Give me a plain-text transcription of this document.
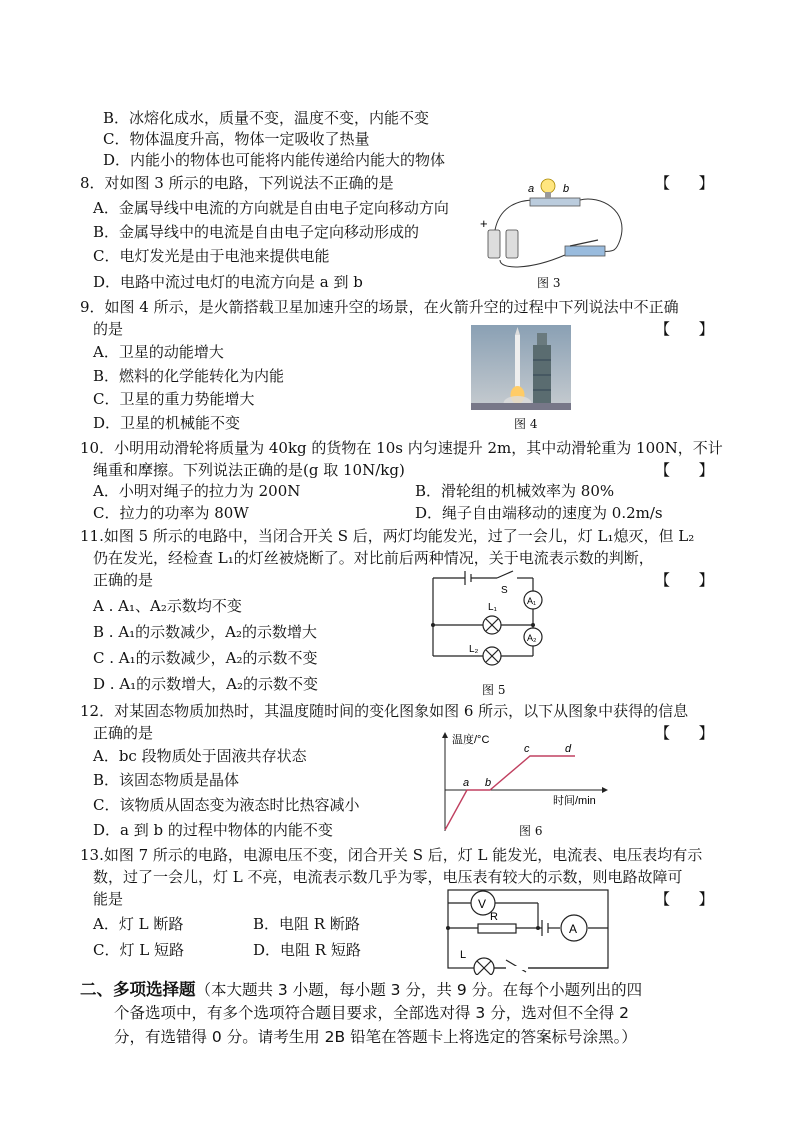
B．冰熔化成水，质量不变，温度不变，内能不变
C．物体温度升高，物体一定吸收了热量
D．内能小的物体也可能将内能传递给内能大的物体
8．对如图 3 所示的电路，下列说法不正确的是	【      】
A．金属导线中电流的方向就是自由电子定向移动方向
B．金属导线中的电流是自由电子定向移动形成的
C．电灯发光是由于电池来提供电能
D．电路中流过电灯的电流方向是 a 到 b
a	b
+
图 3
9．如图 4 所示，是火箭搭载卫星加速升空的场景，在火箭升空的过程中下列说法中不正确
的是	【      】
A．卫星的动能增大
B．燃料的化学能转化为内能
C．卫星的重力势能增大
D．卫星的机械能不变	图 4
10．小明用动滑轮将质量为 40kg 的货物在 10s 内匀速提升 2m，其中动滑轮重为 100N，不计
绳重和摩擦。下列说法正确的是(g 取 10N/kg)	【      】
A．小明对绳子的拉力为 200N	B．滑轮组的机械效率为 80%
C．拉力的功率为 80W	D．绳子自由端移动的速度为 0.2m/s
11.如图 5 所示的电路中，当闭合开关 S 后，两灯均能发光，过了一会儿，灯 L₁熄灭，但 L₂
仍在发光，经检查 L₁的灯丝被烧断了。对比前后两种情况，关于电流表示数的判断，
正确的是	【      】
A . A₁、A₂示数均不变
B . A₁的示数减少，A₂的示数增大
C . A₁的示数减少，A₂的示数不变
D . A₁的示数增大，A₂的示数不变
S
A₁
A₂
L₁
L₂
图 5
12．对某固态物质加热时，其温度随时间的变化图象如图 6 所示，以下从图象中获得的信息
正确的是	【      】
A．bc 段物质处于固液共存状态
B．该固态物质是晶体
C．该物质从固态变为液态时比热容减小
D．a 到 b 的过程中物体的内能不变
温度/°C
时间/min
a b
c	d
图 6
13.如图 7 所示的电路，电源电压不变，闭合开关 S 后，灯 L 能发光，电流表、电压表均有示
数，过了一会儿，灯 L 不亮，电流表示数几乎为零，电压表有较大的示数，则电路故障可
能是	【      】
A．灯 L 断路	B．电阻 R 断路
C．灯 L 短路	D．电阻 R 短路
V
R
A
L
二、多项选择题（本大题共 3 小题，每小题 3 分，共 9 分。在每个小题列出的四
个备选项中，有多个选项符合题目要求，全部选对得 3 分，选对但不全得 2
分，有选错得 0 分。请考生用 2B 铅笔在答题卡上将选定的答案标号涂黑。）
